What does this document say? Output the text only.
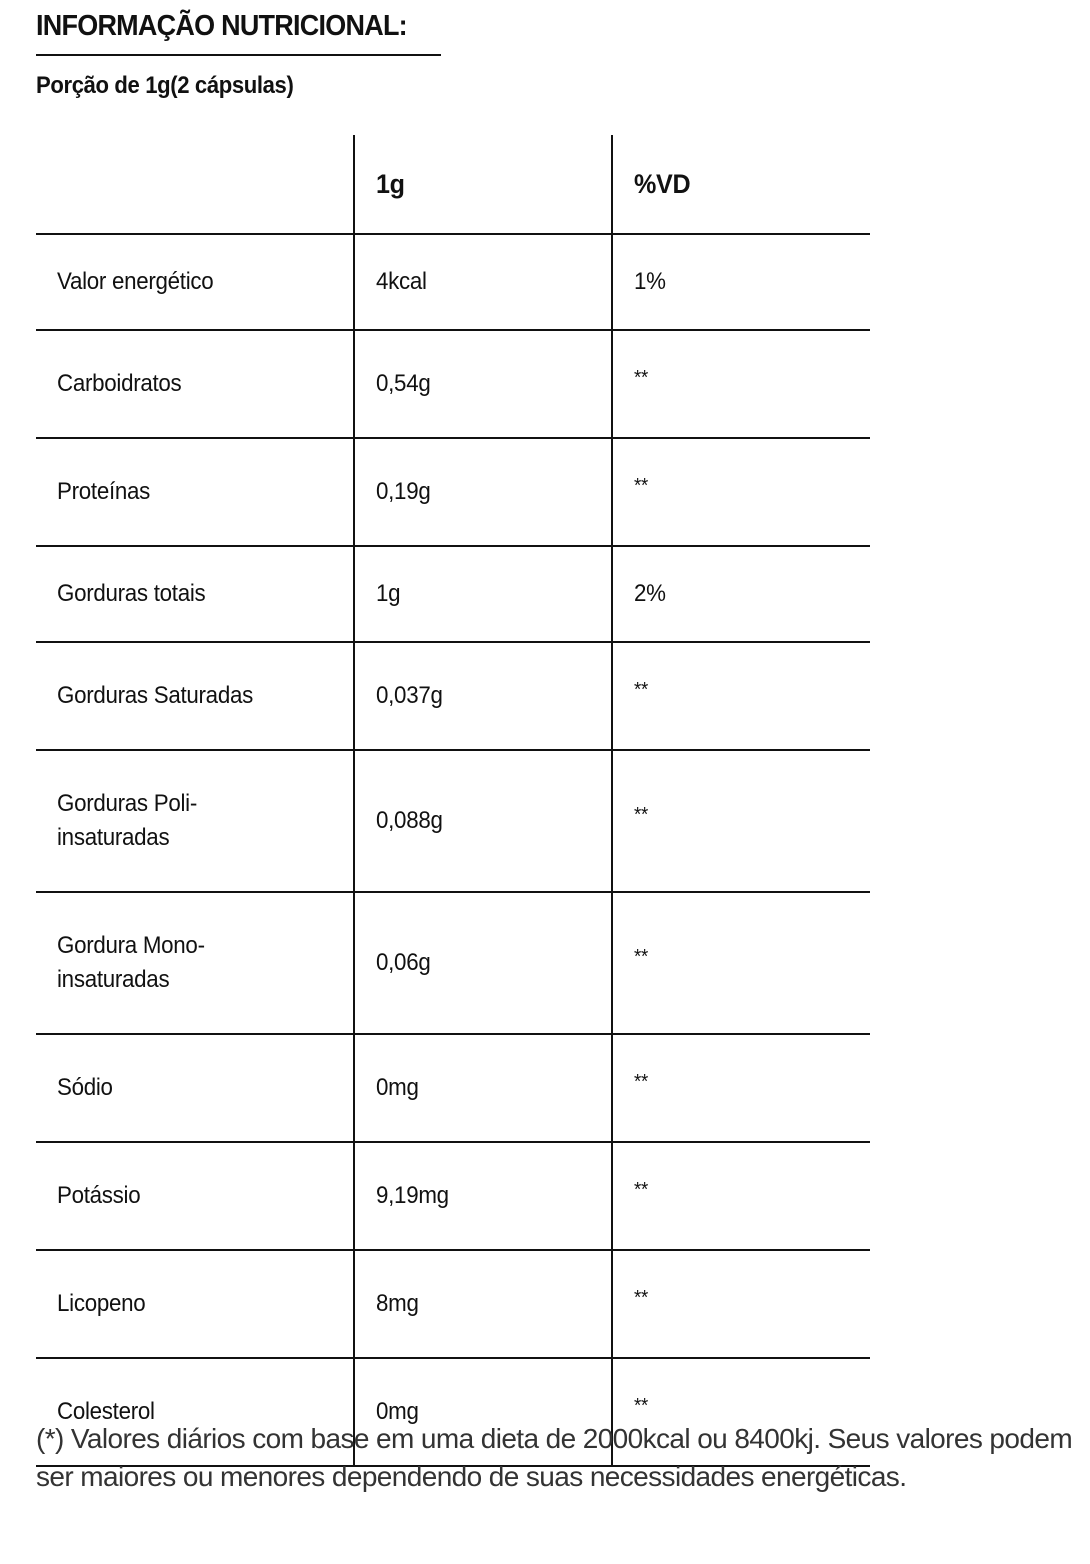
INFORMAÇÃO NUTRICIONAL:
Porção de 1g(2 cápsulas)
	1g	%VD
Valor energético	4kcal	1%
Carboidratos	0,54g	**
Proteínas	0,19g	**
Gorduras totais	1g	2%
Gorduras Saturadas	0,037g	**
Gorduras Poli-insaturadas	0,088g	**
Gordura Mono-insaturadas	0,06g	**
Sódio	0mg	**
Potássio	9,19mg	**
Licopeno	8mg	**
Colesterol	0mg	**
(*) Valores diários com base em uma dieta de 2000kcal ou 8400kj. Seus valores podem ser maiores ou menores dependendo de suas necessidades energéticas.
